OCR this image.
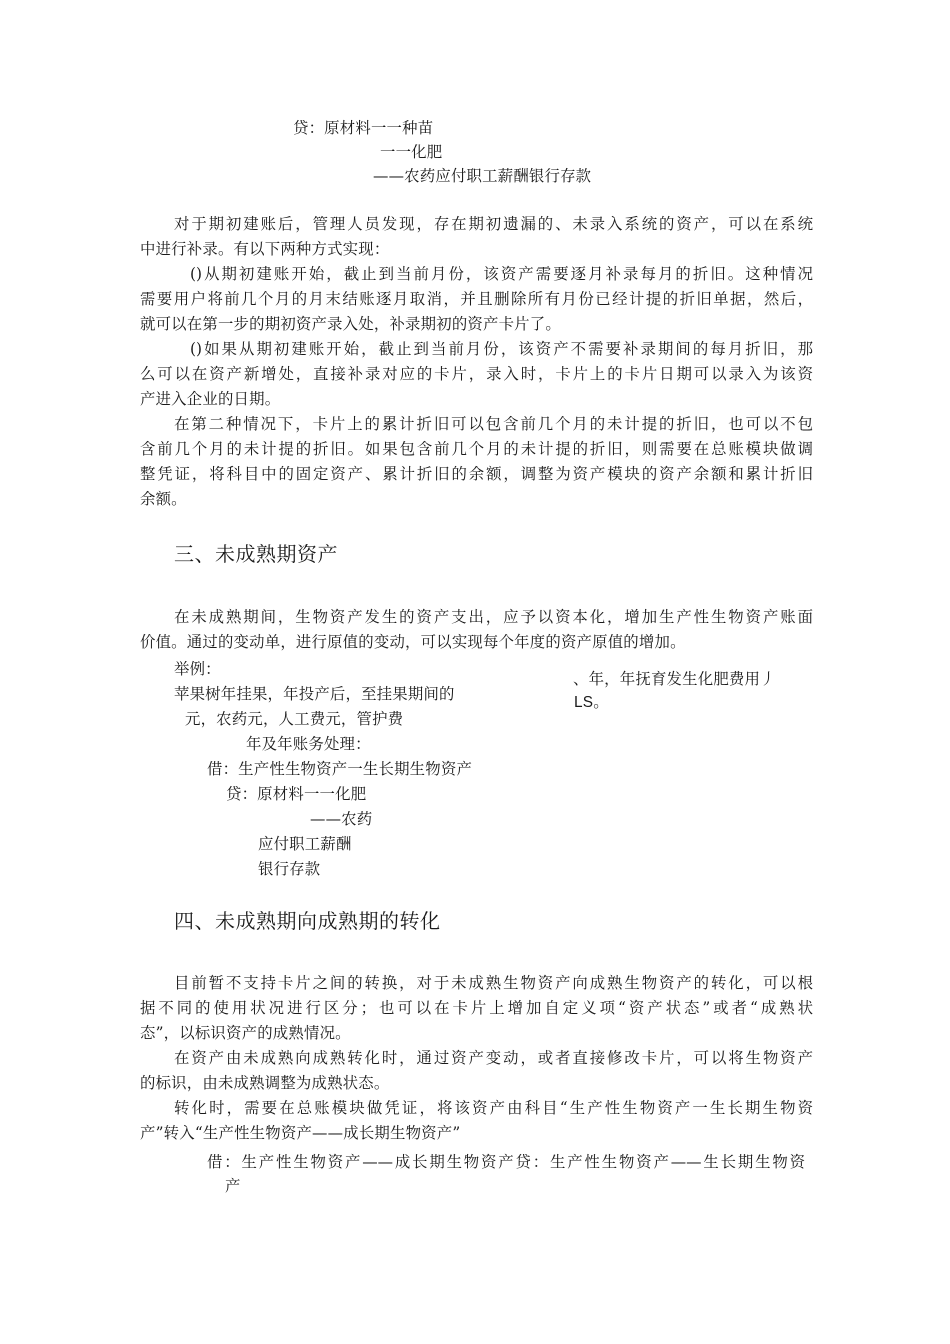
贷：原材料一一种苗
一一化肥
——农药应付职工薪酬银行存款
对于期初建账后，管理人员发现，存在期初遗漏的、未录入系统的资产，可以在系统
中进行补录。有以下两种方式实现：
()从期初建账开始，截止到当前月份，该资产需要逐月补录每月的折旧。这种情况
需要用户将前几个月的月末结账逐月取消，并且删除所有月份已经计提的折旧单据，然后，
就可以在第一步的期初资产录入处，补录期初的资产卡片了。
()如果从期初建账开始，截止到当前月份，该资产不需要补录期间的每月折旧，那
么可以在资产新增处，直接补录对应的卡片，录入时，卡片上的卡片日期可以录入为该资
产进入企业的日期。
在第二种情况下，卡片上的累计折旧可以包含前几个月的未计提的折旧，也可以不包
含前几个月的未计提的折旧。如果包含前几个月的未计提的折旧，则需要在总账模块做调
整凭证，将科目中的固定资产、累计折旧的余额，调整为资产模块的资产余额和累计折旧
余额。
三、未成熟期资产
在未成熟期间，生物资产发生的资产支出，应予以资本化，增加生产性生物资产账面
价值。通过的变动单，进行原值的变动，可以实现每个年度的资产原值的增加。
举例：
苹果树年挂果，年投产后，至挂果期间的
、年，年抚育发生化肥费用丿
LS。
元，农药元，人工费元，管护费
年及年账务处理：
借：生产性生物资产一生长期生物资产
贷：原材料一一化肥
——农药
应付职工薪酬
银行存款
四、未成熟期向成熟期的转化
目前暂不支持卡片之间的转换，对于未成熟生物资产向成熟生物资产的转化，可以根
据不同的使用状况进行区分；也可以在卡片上增加自定义项“资产状态”或者“成熟状
态”，以标识资产的成熟情况。
在资产由未成熟向成熟转化时，通过资产变动，或者直接修改卡片，可以将生物资产
的标识，由未成熟调整为成熟状态。
转化时，需要在总账模块做凭证，将该资产由科目“生产性生物资产一生长期生物资
产”转入“生产性生物资产——成长期生物资产”
借：生产性生物资产——成长期生物资产贷：生产性生物资产——生长期生物资
产
